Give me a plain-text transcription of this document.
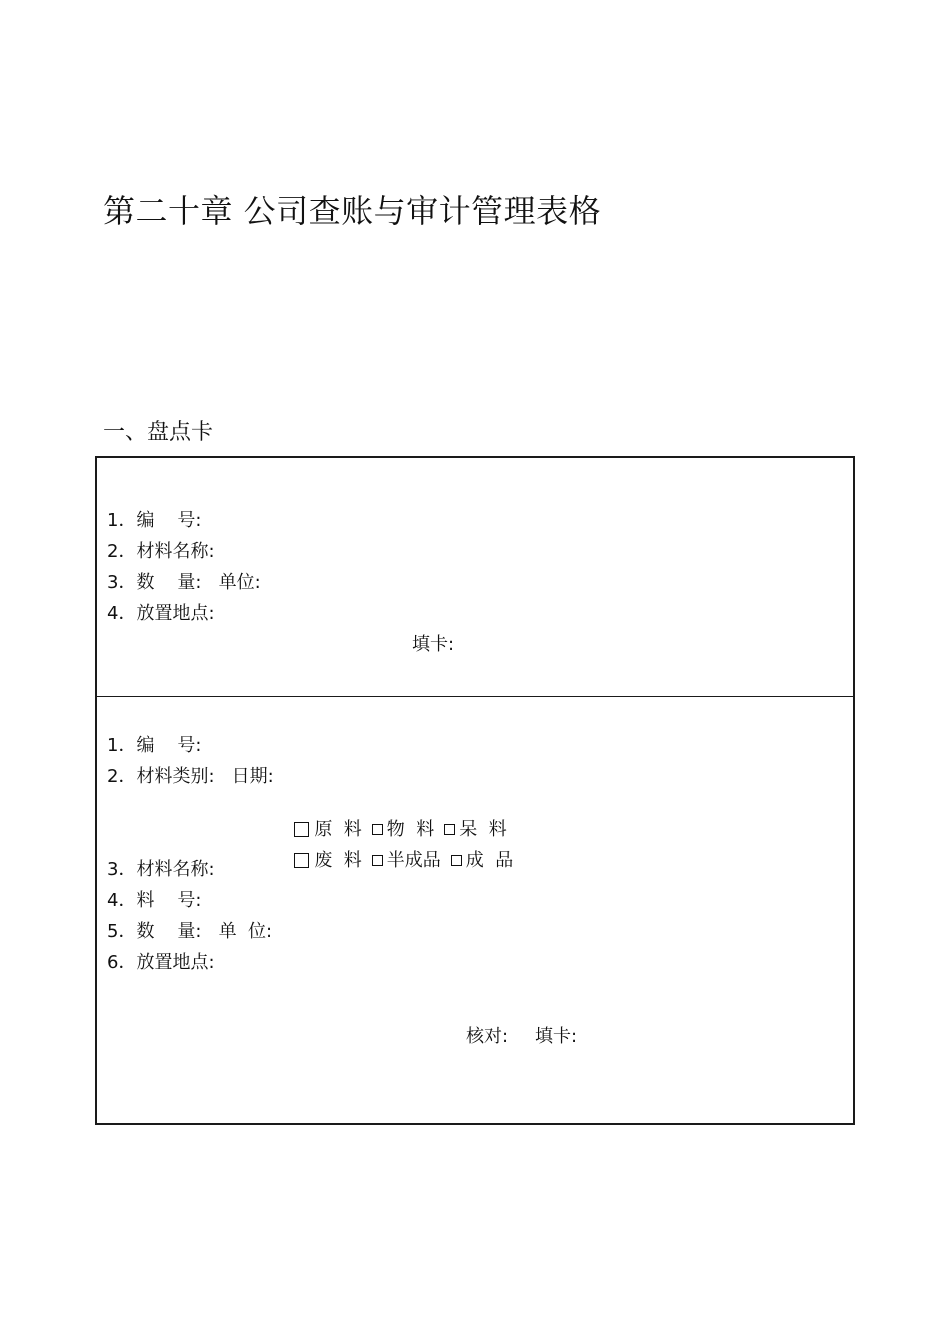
第二十章 公司查账与审计管理表格
一、盘点卡
1．编    号:
2．材料名称:
3．数    量:   单位:
4．放置地点:
填卡:
1．编    号:
2．材料类别:   日期:

原  料 物  料 呆  料

废  料 半成品 成  品

3．材料名称:
4．料    号:
5．数    量:   单  位:
6．放置地点:
核对: 填卡:
